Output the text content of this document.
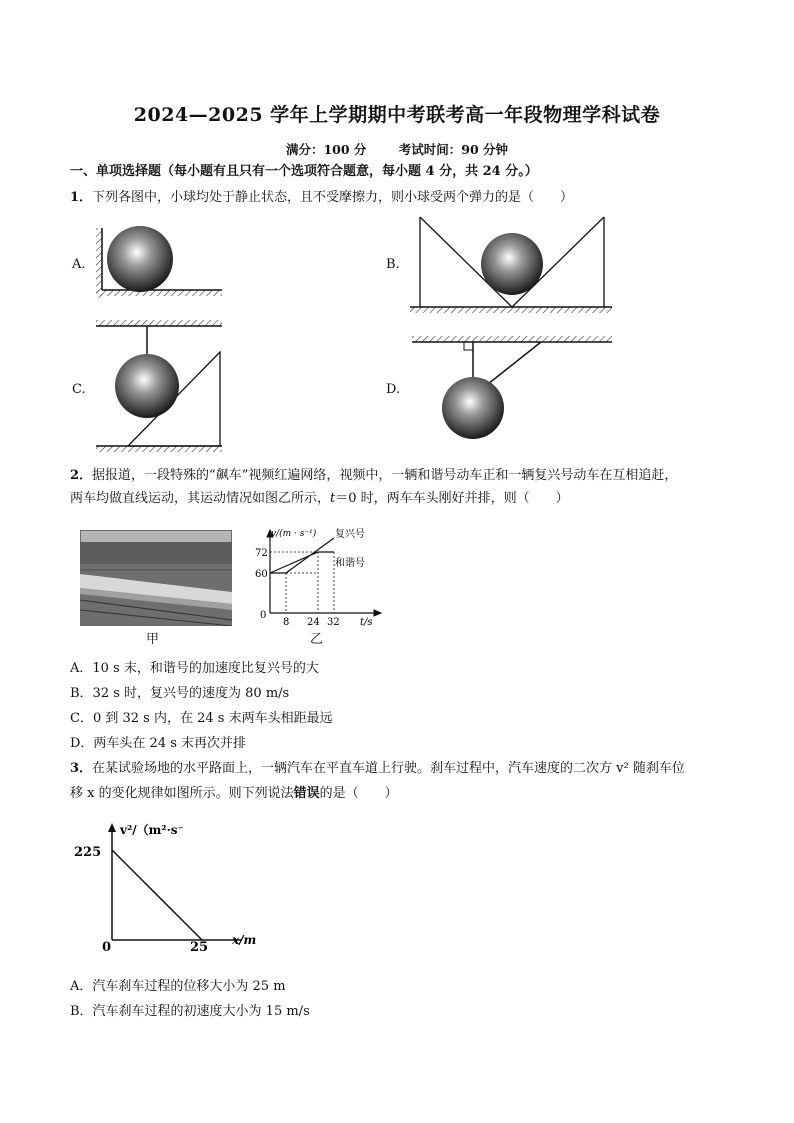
2024—2025 学年上学期期中考联考高一年段物理学科试卷
满分：100 分	考试时间：90 分钟
一、单项选择题（每小题有且只有一个选项符合题意，每小题 4 分，共 24 分。）
1．下列各图中，小球均处于静止状态，且不受摩擦力，则小球受两个弹力的是（　　）
A.	B.
C.	D.
2．据报道，一段特殊的“飙车”视频红遍网络，视频中，一辆和谐号动车正和一辆复兴号动车在互相追赶，
两车均做直线运动，其运动情况如图乙所示，t＝0 时，两车车头刚好并排，则（　　）
甲
v/(m · s⁻¹) 复兴号
和谐号
72
60
0
8 24 32 t/s
乙
A．10 s 末，和谐号的加速度比复兴号的大
B．32 s 时，复兴号的速度为 80 m/s
C．0 到 32 s 内，在 24 s 末两车头相距最远
D．两车头在 24 s 末再次并排
3．在某试验场地的水平路面上，一辆汽车在平直车道上行驶。刹车过程中，汽车速度的二次方 v² 随刹车位
移 x 的变化规律如图所示。则下列说法错误的是（　　）
v²/（m²·s⁻
225
0	25 x/m
A．汽车刹车过程的位移大小为 25 m
B．汽车刹车过程的初速度大小为 15 m/s
